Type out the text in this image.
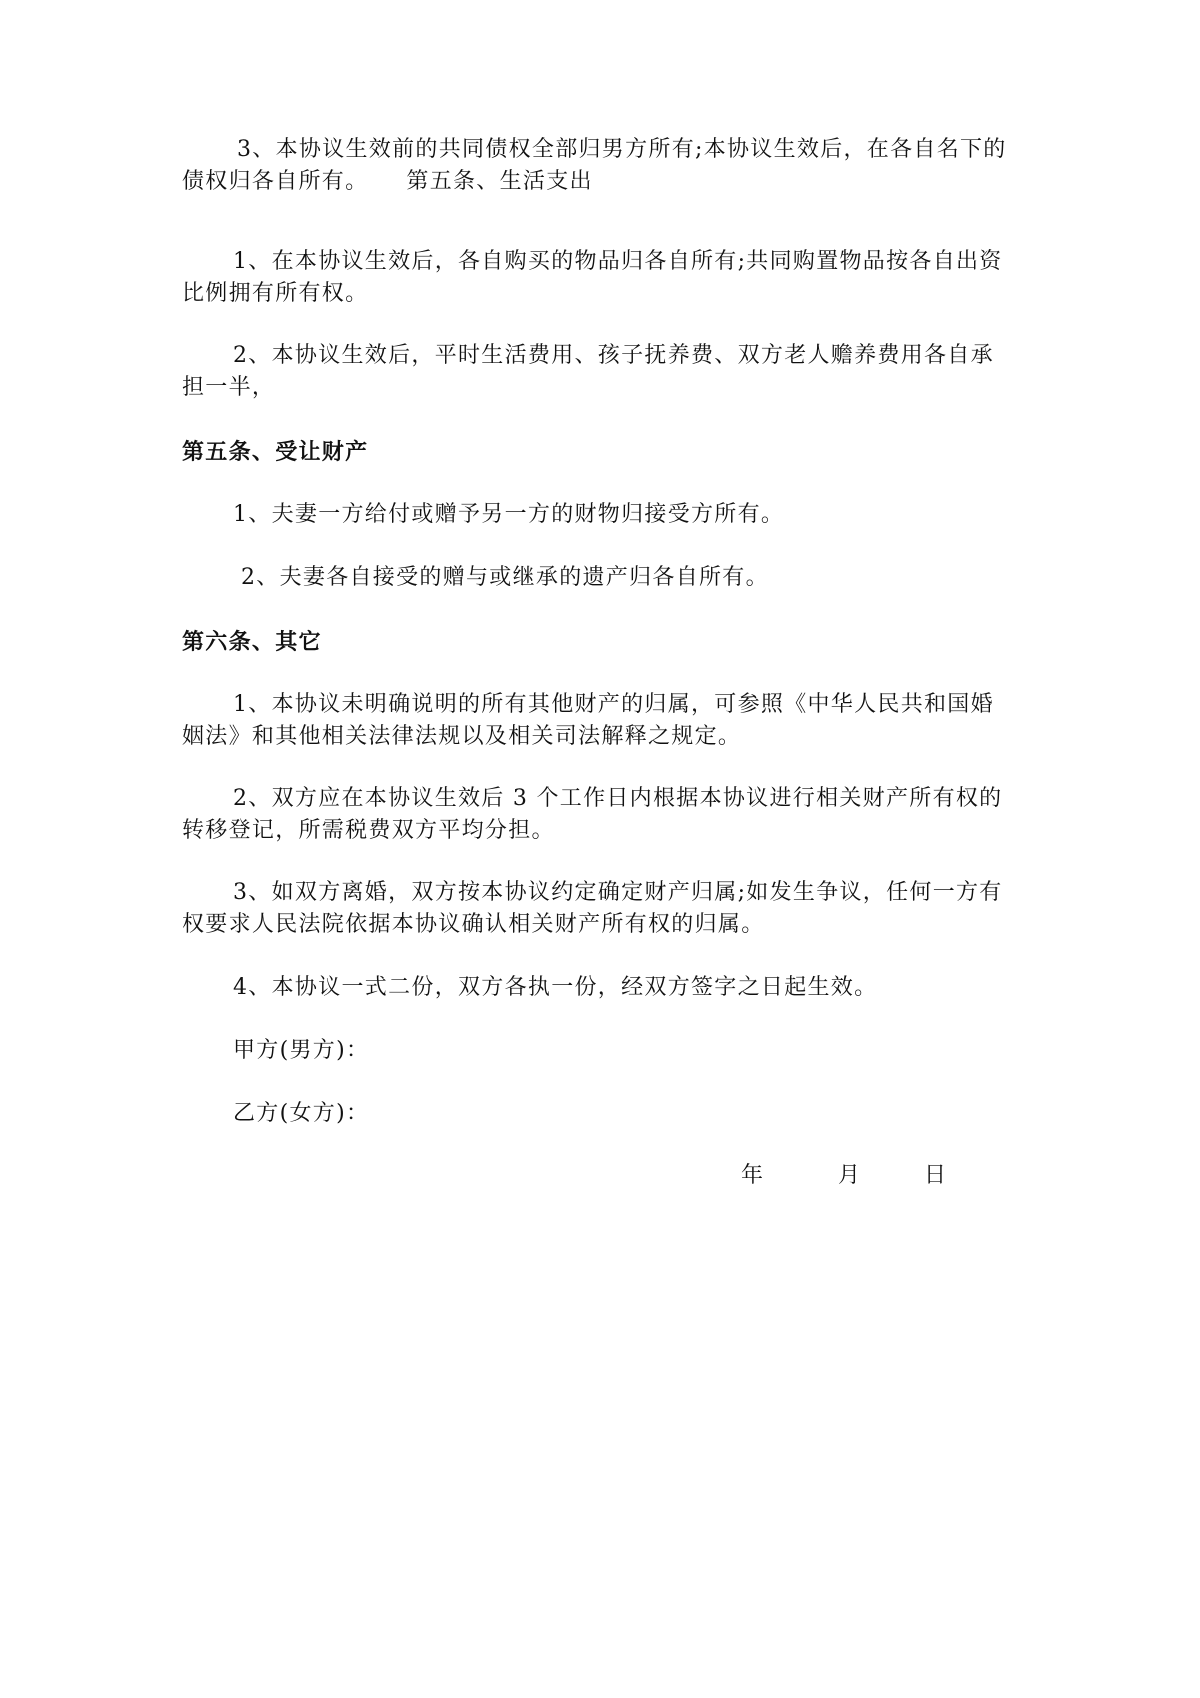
3、本协议生效前的共同债权全部归男方所有;本协议生效后，在各自名下的
债权归各自所有。 第五条、生活支出
1、在本协议生效后，各自购买的物品归各自所有;共同购置物品按各自出资
比例拥有所有权。
2、本协议生效后，平时生活费用、孩子抚养费、双方老人赡养费用各自承
担一半，
第五条、受让财产
1、夫妻一方给付或赠予另一方的财物归接受方所有。
2、夫妻各自接受的赠与或继承的遗产归各自所有。
第六条、其它
1、本协议未明确说明的所有其他财产的归属，可参照《中华人民共和国婚
姻法》和其他相关法律法规以及相关司法解释之规定。
2、双方应在本协议生效后 3 个工作日内根据本协议进行相关财产所有权的
转移登记，所需税费双方平均分担。
3、如双方离婚，双方按本协议约定确定财产归属;如发生争议，任何一方有
权要求人民法院依据本协议确认相关财产所有权的归属。
4、本协议一式二份，双方各执一份，经双方签字之日起生效。
甲方(男方)：
乙方(女方)：
年	月	日
